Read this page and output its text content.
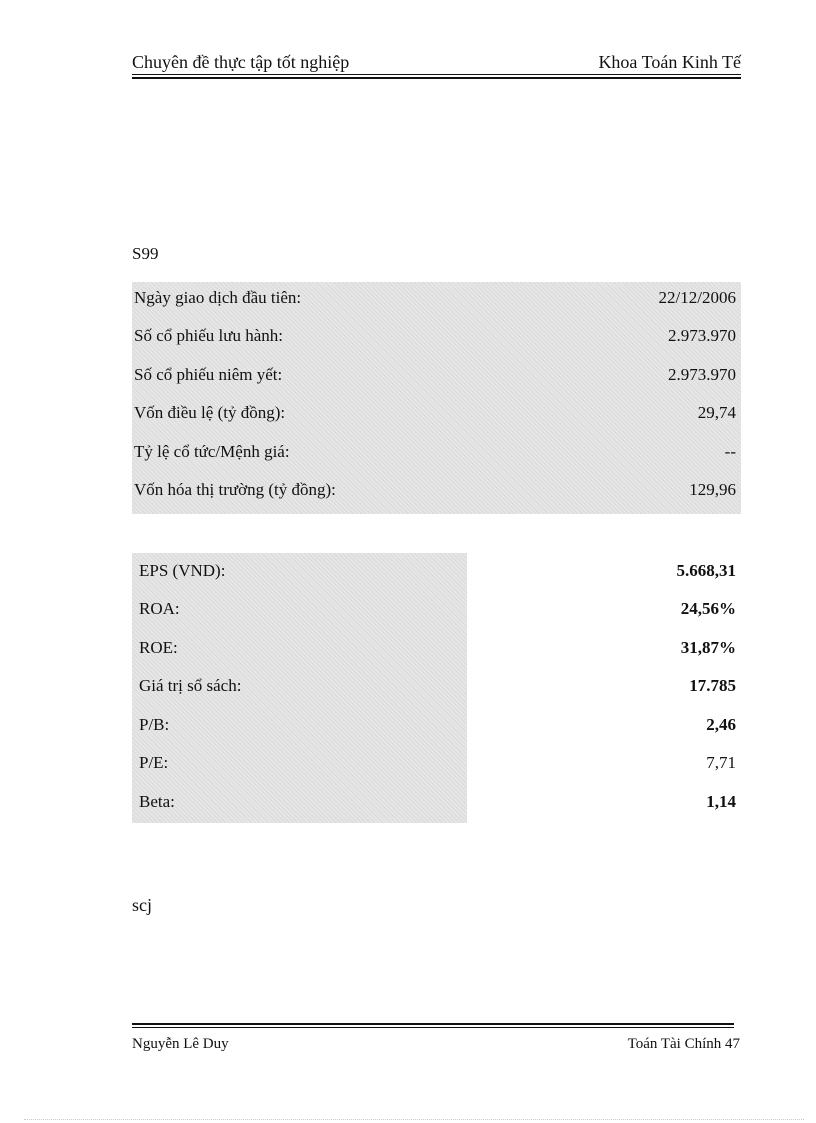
Chuyên đề thực tập tốt nghiệp	Khoa Toán Kinh Tế
S99
Ngày giao dịch đầu tiên:	22/12/2006
Số cổ phiếu lưu hành:	2.973.970
Số cổ phiếu niêm yết:	2.973.970
Vốn điều lệ (tỷ đồng):	29,74
Tỷ lệ cổ tức/Mệnh giá:	--
Vốn hóa thị trường (tỷ đồng):	129,96
EPS (VND):	5.668,31
ROA:	24,56%
ROE:	31,87%
Giá trị sổ sách:	17.785
P/B:	2,46
P/E:	7,71
Beta:	1,14
scj
Nguyễn Lê Duy	Toán Tài Chính 47
